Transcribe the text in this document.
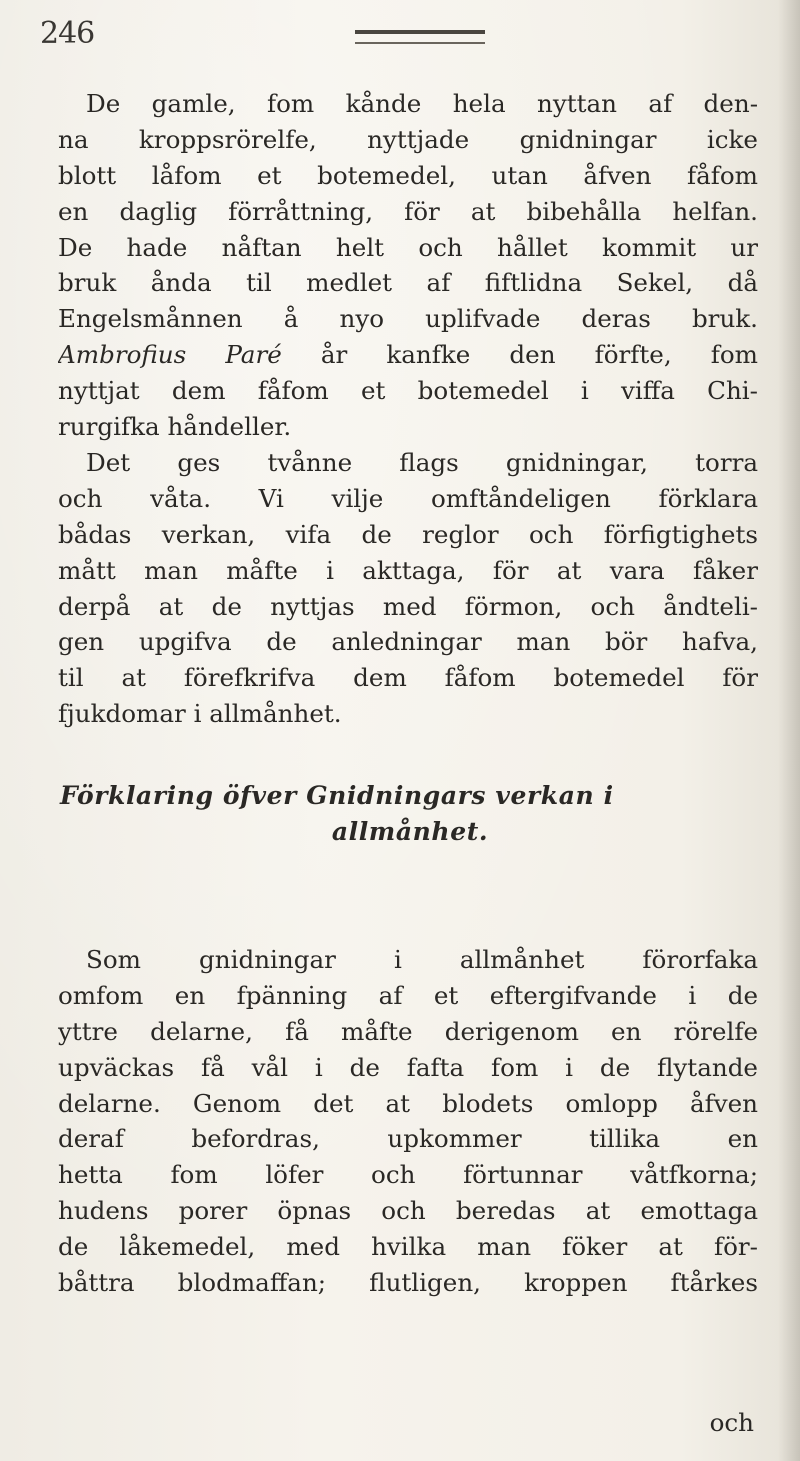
246
De gamle, fom kånde hela nyttan af den-
na kroppsrörelfe, nyttjade gnidningar icke
blott låfom et botemedel, utan åfven fåfom
en daglig förråttning, för at bibehålla helfan.
De hade nåftan helt och hållet kommit ur
bruk ånda til medlet af fiftlidna Sekel, då
Engelsmånnen å nyo uplifvade deras bruk.
Ambrofius Paré år kanfke den förfte, fom
nyttjat dem fåfom et botemedel i viffa Chi-
rurgifka håndeller.
Det ges tvånne flags gnidningar, torra
och våta. Vi vilje omftåndeligen förklara
bådas verkan, vifa de reglor och förfigtighets
mått man måfte i akttaga, för at vara fåker
derpå at de nyttjas med förmon, och åndteli-
gen upgifva de anledningar man bör hafva,
til at förefkrifva dem fåfom botemedel för
fjukdomar i allmånhet.
Förklaring öfver Gnidningars verkan i
allmånhet.
Som gnidningar i allmånhet förorfaka
omfom en fpänning af et eftergifvande i de
yttre delarne, få måfte derigenom en rörelfe
upväckas få vål i de fafta fom i de flytande
delarne. Genom det at blodets omlopp åfven
deraf befordras, upkommer tillika en
hetta fom löfer och förtunnar våtfkorna;
hudens porer öpnas och beredas at emottaga
de låkemedel, med hvilka man föker at för-
båttra blodmaffan; flutligen, kroppen ftårkes
och
